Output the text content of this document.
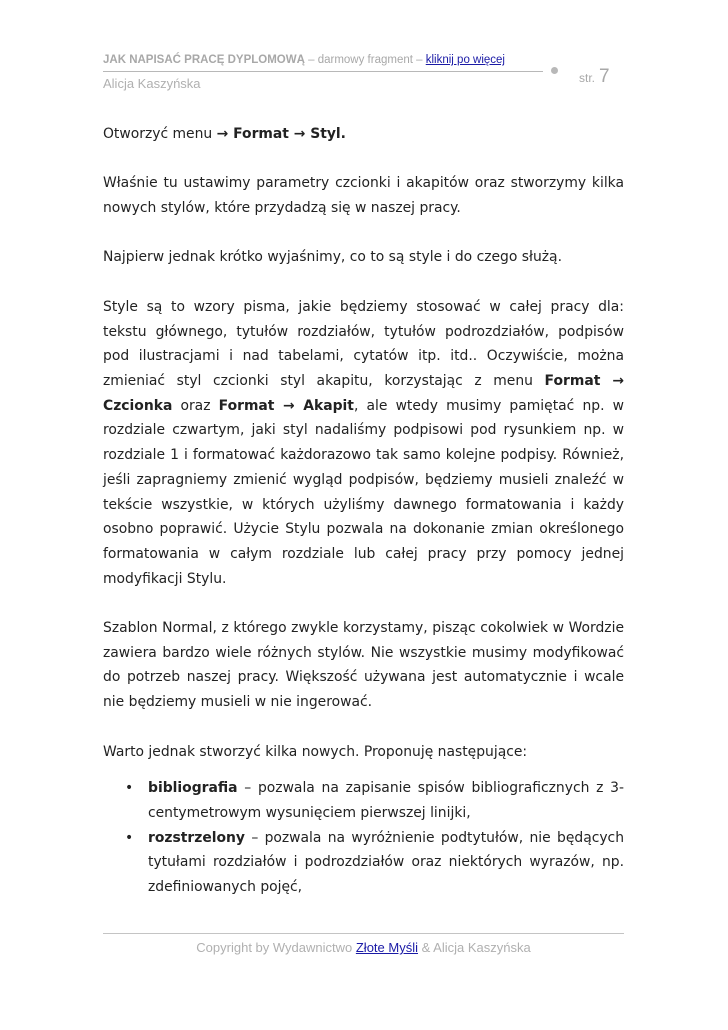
JAK NAPISAĆ PRACĘ DYPLOMOWĄ – darmowy fragment – kliknij po więcej
Alicja Kaszyńska	str. 7

Otworzyć menu → Format → Styl.

Właśnie tu ustawimy parametry czcionki i akapitów oraz stworzymy kilka nowych stylów, które przydadzą się w naszej pracy.

Najpierw jednak krótko wyjaśnimy, co to są style i do czego służą.

Style są to wzory pisma, jakie będziemy stosować w całej pracy dla: tekstu głównego, tytułów rozdziałów, tytułów podrozdziałów, podpisów pod ilustracjami i nad tabelami, cytatów itp. itd.. Oczywiście, można zmieniać styl czcionki styl akapitu, korzystając z menu Format → Czcionka oraz Format → Akapit, ale wtedy musimy pamiętać np. w rozdziale czwartym, jaki styl nadaliśmy podpisowi pod rysunkiem np. w rozdziale 1 i formatować każdorazowo tak samo kolejne podpisy. Również, jeśli zapragniemy zmienić wygląd podpisów, będziemy musieli znaleźć w tekście wszystkie, w których użyliśmy dawnego formatowania i każdy osobno poprawić. Użycie Stylu pozwala na dokonanie zmian określonego formatowania w całym rozdziale lub całej pracy przy pomocy jednej modyfikacji Stylu.

Szablon Normal, z którego zwykle korzystamy, pisząc cokolwiek w Wordzie zawiera bardzo wiele różnych stylów. Nie wszystkie musimy modyfikować do potrzeb naszej pracy. Większość używana jest automatycznie i wcale nie będziemy musieli w nie ingerować.

Warto jednak stworzyć kilka nowych. Proponuję następujące:

• bibliografia – pozwala na zapisanie spisów bibliograficznych z 3-centymetrowym wysunięciem pierwszej linijki,
• rozstrzelony – pozwala na wyróżnienie podtytułów, nie będących tytułami rozdziałów i podrozdziałów oraz niektórych wyrazów, np. zdefiniowanych pojęć,
Copyright by Wydawnictwo Złote Myśli & Alicja Kaszyńska
